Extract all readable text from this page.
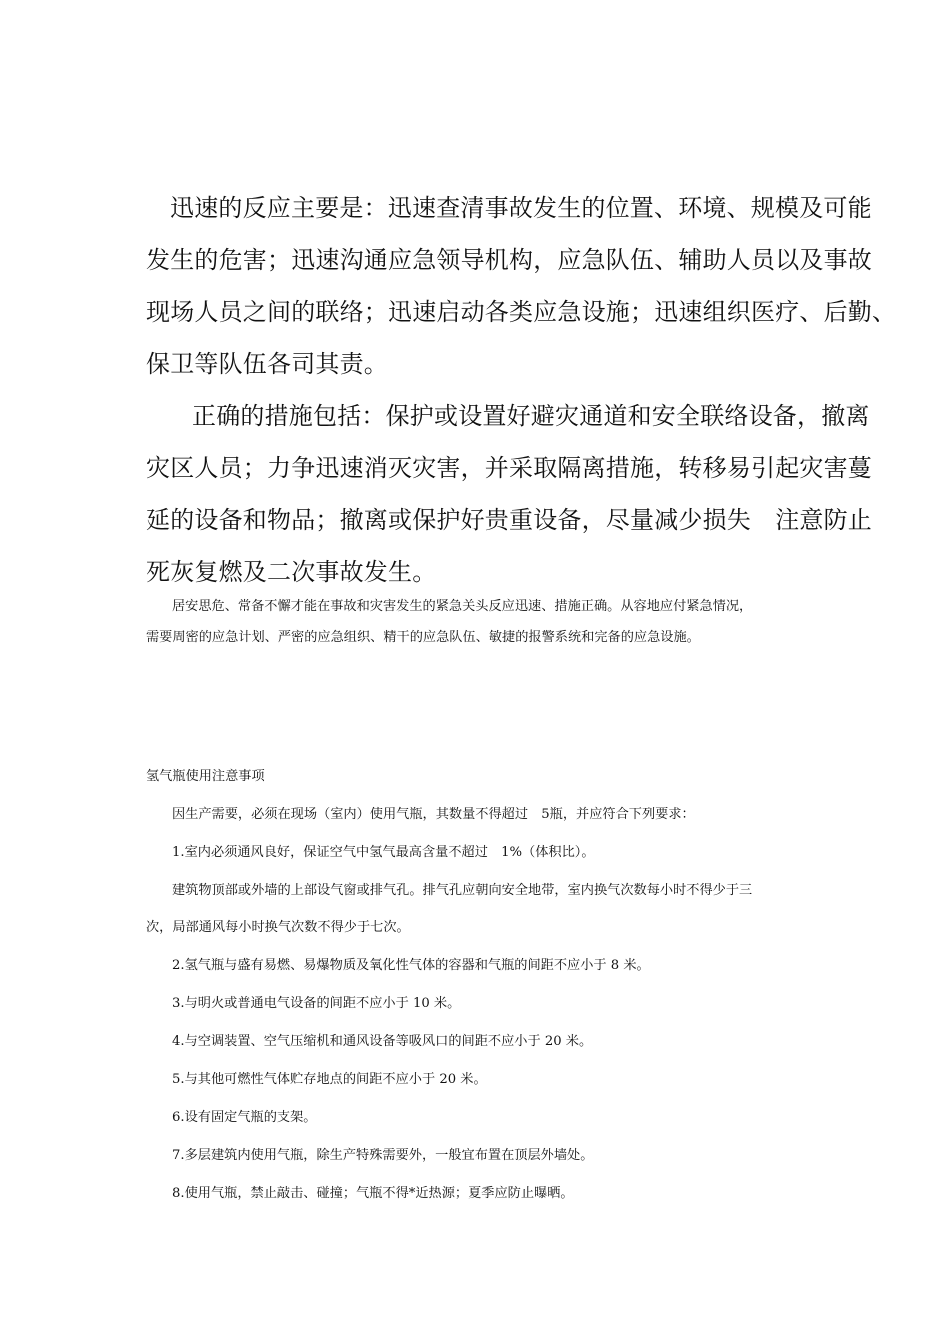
迅速的反应主要是：迅速查清事故发生的位置、环境、规模及可能
发生的危害；迅速沟通应急领导机构，应急队伍、辅助人员以及事故
现场人员之间的联络；迅速启动各类应急设施；迅速组织医疗、后勤、
保卫等队伍各司其责。
正确的措施包括：保护或设置好避灾通道和安全联络设备，撤离
灾区人员；力争迅速消灭灾害，并采取隔离措施，转移易引起灾害蔓
延的设备和物品；撤离或保护好贵重设备，尽量减少损失　注意防止
死灰复燃及二次事故发生。
居安思危、常备不懈才能在事故和灾害发生的紧急关头反应迅速、措施正确。从容地应付紧急情况，
需要周密的应急计划、严密的应急组织、精干的应急队伍、敏捷的报警系统和完备的应急设施。
氢气瓶使用注意事项
因生产需要，必须在现场（室内）使用气瓶，其数量不得超过　5瓶，并应符合下列要求：
1.室内必须通风良好，保证空气中氢气最高含量不超过　1%（体积比）。
建筑物顶部或外墙的上部设气窗或排气孔。排气孔应朝向安全地带，室内换气次数每小时不得少于三
次，局部通风每小时换气次数不得少于七次。
2.氢气瓶与盛有易燃、易爆物质及氧化性气体的容器和气瓶的间距不应小于 8 米。
3.与明火或普通电气设备的间距不应小于 10 米。
4.与空调装置、空气压缩机和通风设备等吸风口的间距不应小于 20 米。
5.与其他可燃性气体贮存地点的间距不应小于 20 米。
6.设有固定气瓶的支架。
7.多层建筑内使用气瓶，除生产特殊需要外，一般宜布置在顶层外墙处。
8.使用气瓶，禁止敲击、碰撞；气瓶不得*近热源；夏季应防止曝晒。
